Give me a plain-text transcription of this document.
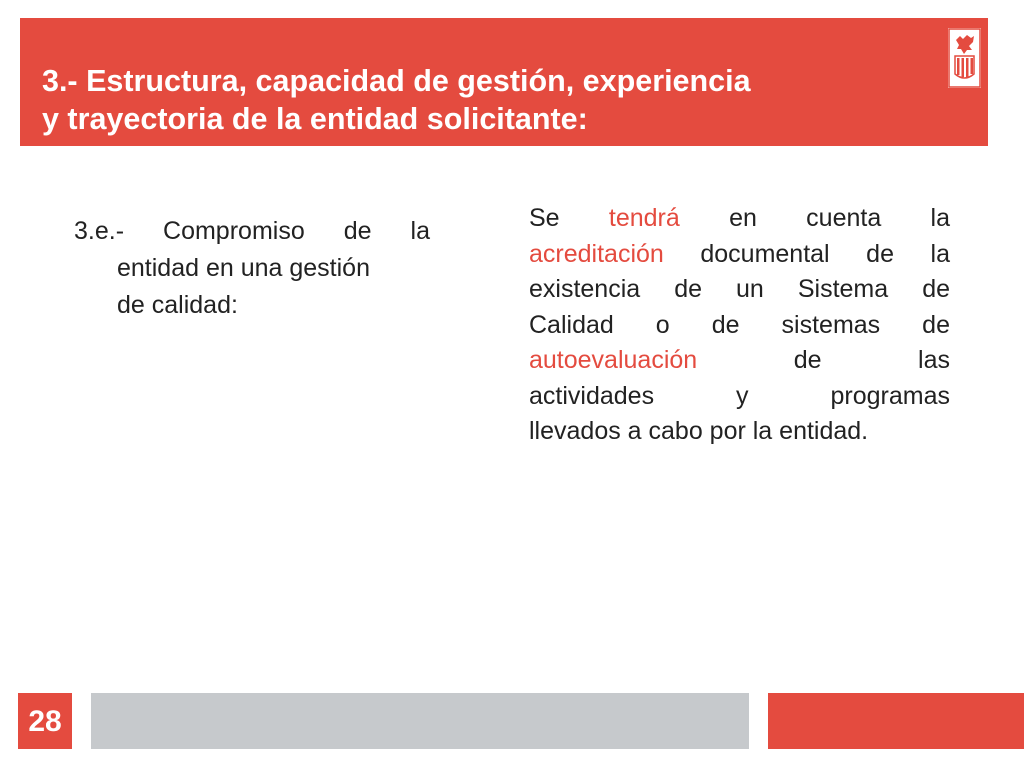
3.- Estructura, capacidad de gestión, experiencia
y trayectoria de la entidad solicitante:

3.e.- Compromiso de la
entidad en una gestión
de calidad:

Se tendrá en cuenta la
acreditación documental de la
existencia de un Sistema de
Calidad o de sistemas de
autoevaluación de las
actividades y programas
llevados a cabo por la entidad.

28
